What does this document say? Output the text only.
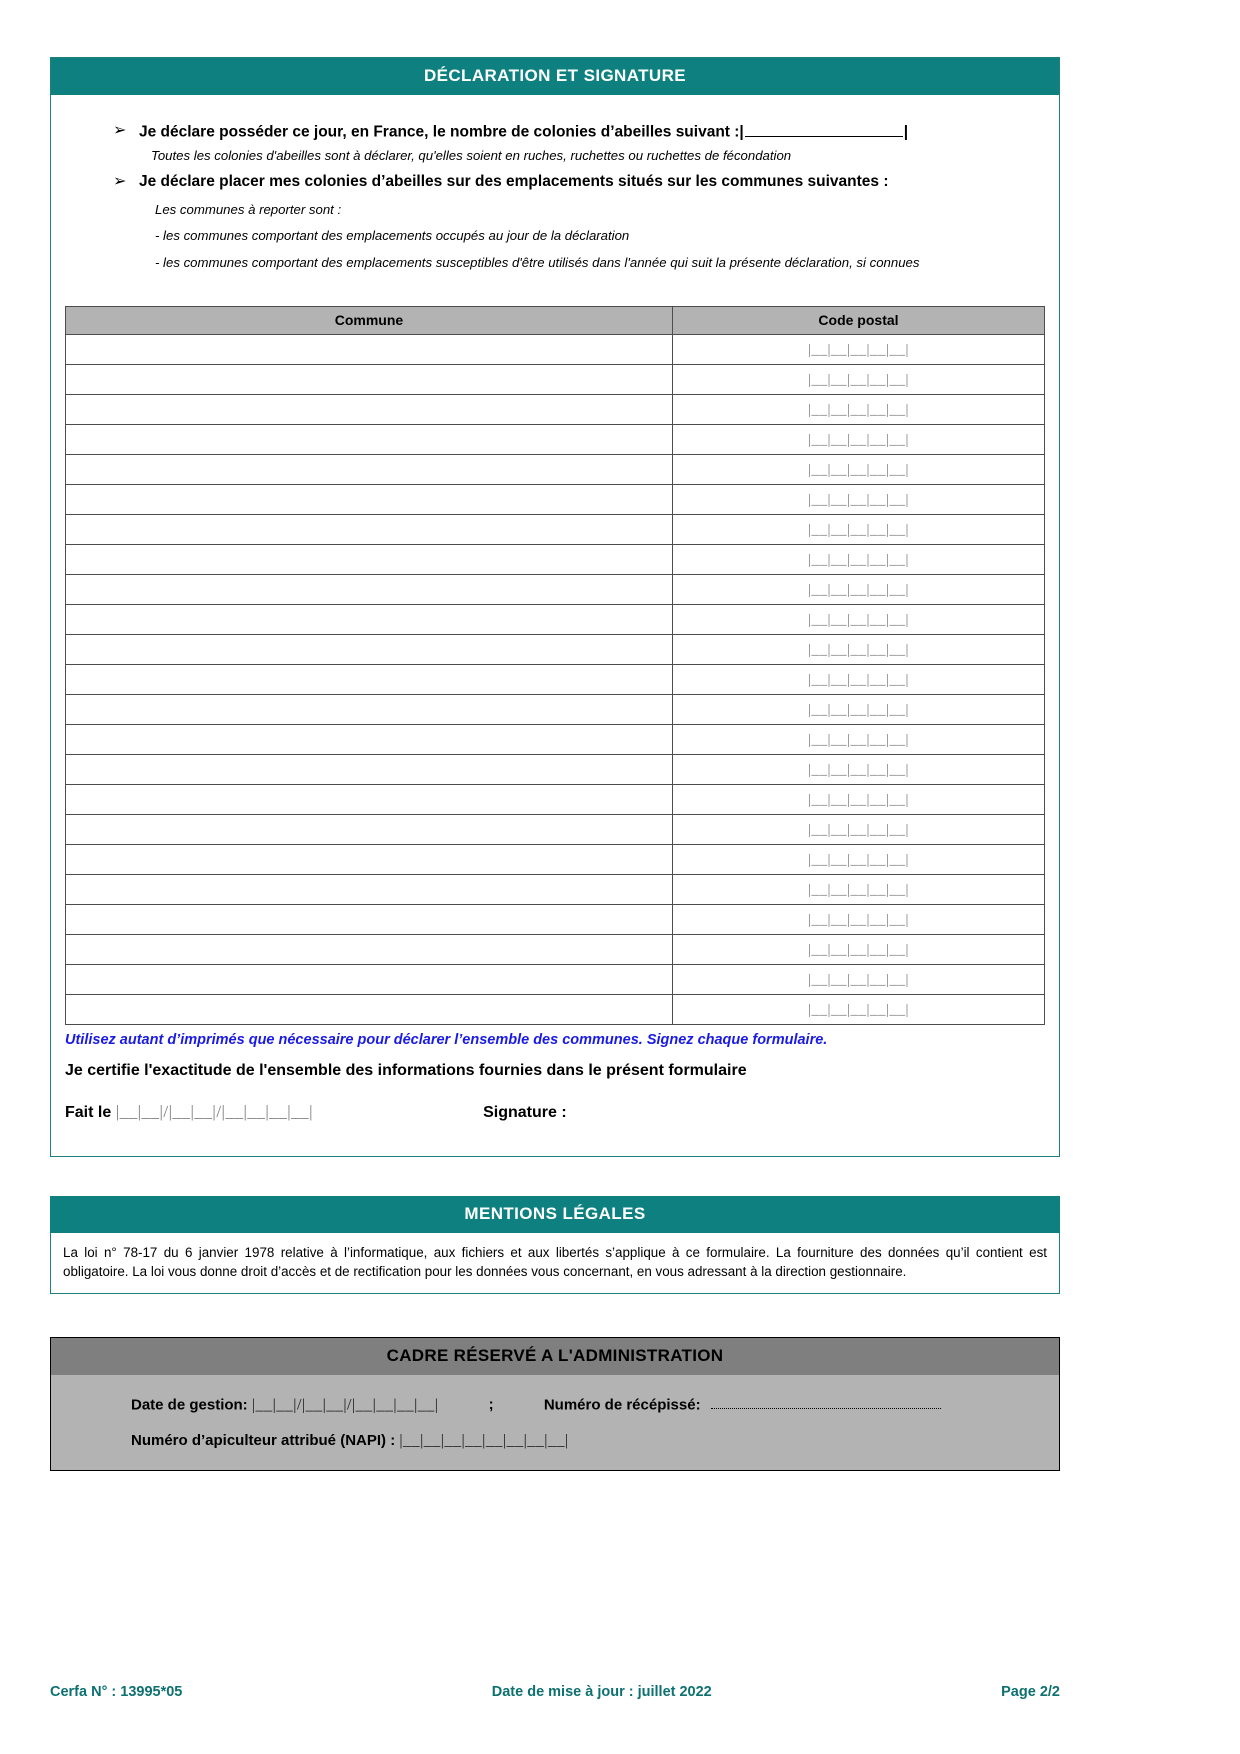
DÉCLARATION ET SIGNATURE
➢ Je déclare posséder ce jour, en France, le nombre de colonies d’abeilles suivant :|	|
Toutes les colonies d'abeilles sont à déclarer, qu'elles soient en ruches, ruchettes ou ruchettes de fécondation
➢ Je déclare placer mes colonies d’abeilles sur des emplacements situés sur les communes suivantes :
Les communes à reporter sont :
- les communes comportant des emplacements occupés au jour de la déclaration
- les communes comportant des emplacements susceptibles d'être utilisés dans l'année qui suit la présente déclaration, si connues
Commune	Code postal
	|__|__|__|__|__|
	|__|__|__|__|__|
	|__|__|__|__|__|
	|__|__|__|__|__|
	|__|__|__|__|__|
	|__|__|__|__|__|
	|__|__|__|__|__|
	|__|__|__|__|__|
	|__|__|__|__|__|
	|__|__|__|__|__|
	|__|__|__|__|__|
	|__|__|__|__|__|
	|__|__|__|__|__|
	|__|__|__|__|__|
	|__|__|__|__|__|
	|__|__|__|__|__|
	|__|__|__|__|__|
	|__|__|__|__|__|
	|__|__|__|__|__|
	|__|__|__|__|__|
	|__|__|__|__|__|
	|__|__|__|__|__|
	|__|__|__|__|__|
Utilisez autant d’imprimés que nécessaire pour déclarer l’ensemble des communes. Signez chaque formulaire.
Je certifie l'exactitude de l'ensemble des informations fournies dans le présent formulaire
Fait le |__|__|/|__|__|/|__|__|__|__|	Signature :
MENTIONS LÉGALES
La loi n° 78-17 du 6 janvier 1978 relative à l’informatique, aux fichiers et aux libertés s’applique à ce formulaire. La fourniture des données qu’il contient est obligatoire. La loi vous donne droit d’accès et de rectification pour les données vous concernant, en vous adressant à la direction gestionnaire.
CADRE RÉSERVÉ A L'ADMINISTRATION
Date de gestion: |__|__|/|__|__|/|__|__|__|__|	;	Numéro de récépissé:
Numéro d’apiculteur attribué (NAPI) : |__|__|__|__|__|__|__|__|
Cerfa N° : 13995*05	Date de mise à jour : juillet 2022	Page 2/2
